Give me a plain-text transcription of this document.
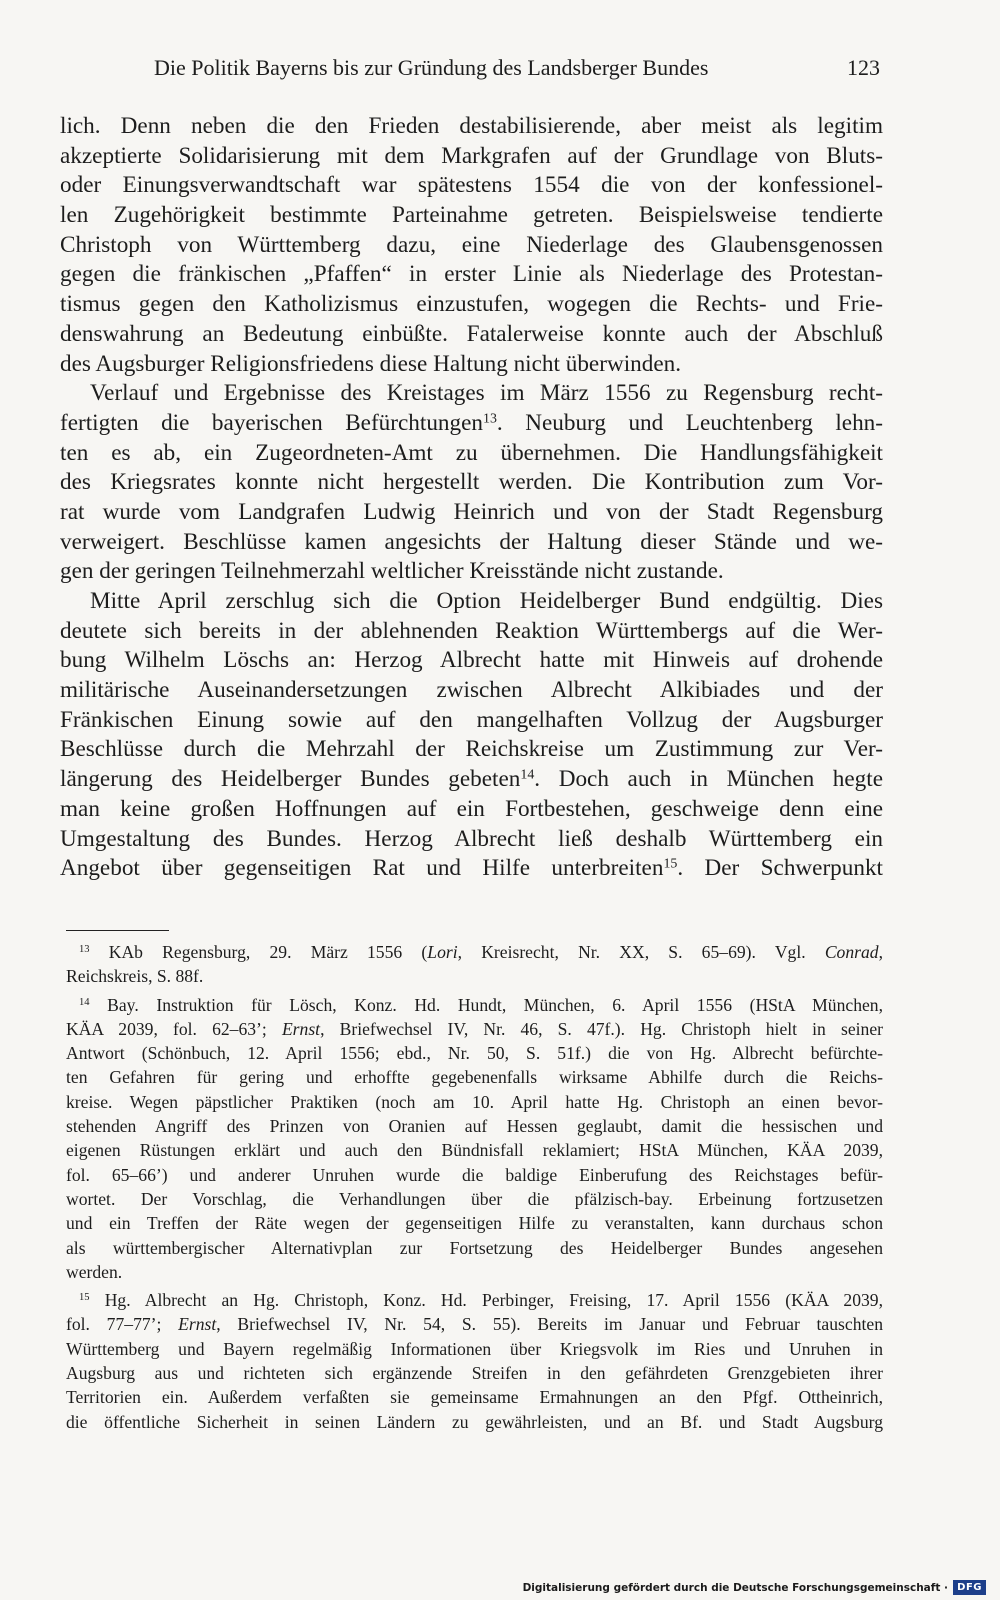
Die Politik Bayerns bis zur Gründung des Landsberger Bundes	123
lich. Denn neben die den Frieden destabilisierende, aber meist als legitim
akzeptierte Solidarisierung mit dem Markgrafen auf der Grundlage von Bluts-
oder Einungsverwandtschaft war spätestens 1554 die von der konfessionel-
len Zugehörigkeit bestimmte Parteinahme getreten. Beispielsweise tendierte
Christoph von Württemberg dazu, eine Niederlage des Glaubensgenossen
gegen die fränkischen „Pfaffen“ in erster Linie als Niederlage des Protestan-
tismus gegen den Katholizismus einzustufen, wogegen die Rechts- und Frie-
denswahrung an Bedeutung einbüßte. Fatalerweise konnte auch der Abschluß
des Augsburger Religionsfriedens diese Haltung nicht überwinden.
Verlauf und Ergebnisse des Kreistages im März 1556 zu Regensburg recht-
fertigten die bayerischen Befürchtungen$^{13}$. Neuburg und Leuchtenberg lehn-
ten es ab, ein Zugeordneten-Amt zu übernehmen. Die Handlungsfähigkeit
des Kriegsrates konnte nicht hergestellt werden. Die Kontribution zum Vor-
rat wurde vom Landgrafen Ludwig Heinrich und von der Stadt Regensburg
verweigert. Beschlüsse kamen angesichts der Haltung dieser Stände und we-
gen der geringen Teilnehmerzahl weltlicher Kreisstände nicht zustande.
Mitte April zerschlug sich die Option Heidelberger Bund endgültig. Dies
deutete sich bereits in der ablehnenden Reaktion Württembergs auf die Wer-
bung Wilhelm Löschs an: Herzog Albrecht hatte mit Hinweis auf drohende
militärische Auseinandersetzungen zwischen Albrecht Alkibiades und der
Fränkischen Einung sowie auf den mangelhaften Vollzug der Augsburger
Beschlüsse durch die Mehrzahl der Reichskreise um Zustimmung zur Ver-
längerung des Heidelberger Bundes gebeten$^{14}$. Doch auch in München hegte
man keine großen Hoffnungen auf ein Fortbestehen, geschweige denn eine
Umgestaltung des Bundes. Herzog Albrecht ließ deshalb Württemberg ein
Angebot über gegenseitigen Rat und Hilfe unterbreiten$^{15}$. Der Schwerpunkt
$^{13}$ KAb Regensburg, 29. März 1556 (Lori, Kreisrecht, Nr. XX, S. 65–69). Vgl. Conrad,
Reichskreis, S. 88f.
$^{14}$ Bay. Instruktion für Lösch, Konz. Hd. Hundt, München, 6. April 1556 (HStA München,
KÄA 2039, fol. 62–63’; Ernst, Briefwechsel IV, Nr. 46, S. 47f.). Hg. Christoph hielt in seiner
Antwort (Schönbuch, 12. April 1556; ebd., Nr. 50, S. 51f.) die von Hg. Albrecht befürchte-
ten Gefahren für gering und erhoffte gegebenenfalls wirksame Abhilfe durch die Reichs-
kreise. Wegen päpstlicher Praktiken (noch am 10. April hatte Hg. Christoph an einen bevor-
stehenden Angriff des Prinzen von Oranien auf Hessen geglaubt, damit die hessischen und
eigenen Rüstungen erklärt und auch den Bündnisfall reklamiert; HStA München, KÄA 2039,
fol. 65–66’) und anderer Unruhen wurde die baldige Einberufung des Reichstages befür-
wortet. Der Vorschlag, die Verhandlungen über die pfälzisch-bay. Erbeinung fortzusetzen
und ein Treffen der Räte wegen der gegenseitigen Hilfe zu veranstalten, kann durchaus schon
als württembergischer Alternativplan zur Fortsetzung des Heidelberger Bundes angesehen
werden.
$^{15}$ Hg. Albrecht an Hg. Christoph, Konz. Hd. Perbinger, Freising, 17. April 1556 (KÄA 2039,
fol. 77–77’; Ernst, Briefwechsel IV, Nr. 54, S. 55). Bereits im Januar und Februar tauschten
Württemberg und Bayern regelmäßig Informationen über Kriegsvolk im Ries und Unruhen in
Augsburg aus und richteten sich ergänzende Streifen in den gefährdeten Grenzgebieten ihrer
Territorien ein. Außerdem verfaßten sie gemeinsame Ermahnungen an den Pfgf. Ottheinrich,
die öffentliche Sicherheit in seinen Ländern zu gewährleisten, und an Bf. und Stadt Augsburg
Digitalisierung gefördert durch die Deutsche Forschungsgemeinschaft · DFG
